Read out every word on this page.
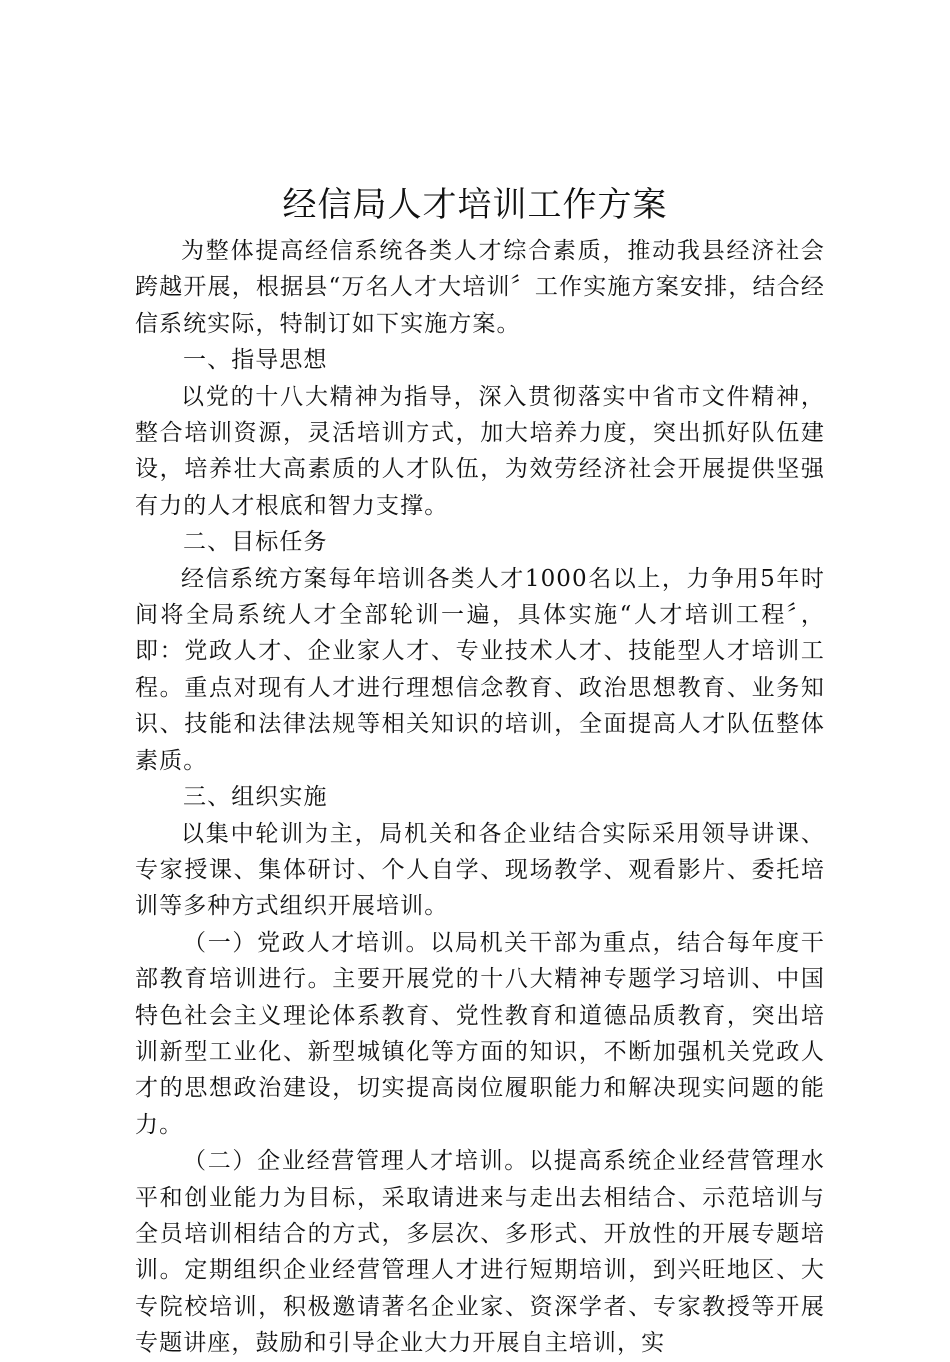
经信局人才培训工作方案

为整体提高经信系统各类人才综合素质，推动我县经济社会跨越开展，根据县“万名人才大培训〞工作实施方案安排，结合经信系统实际，特制订如下实施方案。

一、指导思想

以党的十八大精神为指导，深入贯彻落实中省市文件精神，整合培训资源，灵活培训方式，加大培养力度，突出抓好队伍建设，培养壮大高素质的人才队伍，为效劳经济社会开展提供坚强有力的人才根底和智力支撑。

二、目标任务

经信系统方案每年培训各类人才1000名以上，力争用5年时间将全局系统人才全部轮训一遍，具体实施“人才培训工程〞，即：党政人才、企业家人才、专业技术人才、技能型人才培训工程。重点对现有人才进行理想信念教育、政治思想教育、业务知识、技能和法律法规等相关知识的培训，全面提高人才队伍整体素质。

三、组织实施

以集中轮训为主，局机关和各企业结合实际采用领导讲课、专家授课、集体研讨、个人自学、现场教学、观看影片、委托培训等多种方式组织开展培训。

（一）党政人才培训。以局机关干部为重点，结合每年度干部教育培训进行。主要开展党的十八大精神专题学习培训、中国特色社会主义理论体系教育、党性教育和道德品质教育，突出培训新型工业化、新型城镇化等方面的知识，不断加强机关党政人才的思想政治建设，切实提高岗位履职能力和解决现实问题的能力。

（二）企业经营管理人才培训。以提高系统企业经营管理水平和创业能力为目标，采取请进来与走出去相结合、示范培训与全员培训相结合的方式，多层次、多形式、开放性的开展专题培训。定期组织企业经营管理人才进行短期培训，到兴旺地区、大专院校培训，积极邀请著名企业家、资深学者、专家教授等开展专题讲座，鼓励和引导企业大力开展自主培训，实
